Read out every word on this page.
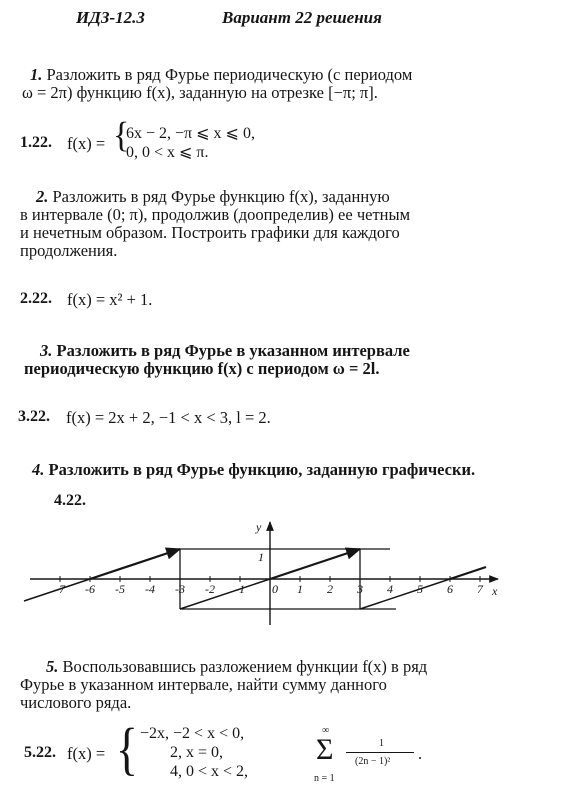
ИДЗ-12.3	Вариант 22 решения

1. Разложить в ряд Фурье периодическую (с периодом

ω = 2π) функцию f(x), заданную на отрезке [−π; π].

1.22. f(x) = {
6x − 2, −π ⩽ x ⩽ 0,
0, 0 < x ⩽ π.

2. Разложить в ряд Фурье функцию f(x), заданную

в интервале (0; π), продолжив (доопределив) ее четным

и нечетным образом. Построить графики для каждого

продолжения.

2.22. f(x) = x² + 1.

3. Разложить в ряд Фурье в указанном интервале

периодическую функцию f(x) с периодом ω = 2l.

3.22. f(x) = 2x + 2, −1 < x < 3, l = 2.
4. Разложить в ряд Фурье функцию, заданную графически.
4.22.
x
y
-7 -6 -5 -4 -3 -2 -1	1 2 3 4 5 6 7
0
1

5. Воспользовавшись разложением функции f(x) в ряд

Фурье в указанном интервале, найти сумму данного

числового ряда.

5.22. f(x) = { −2x, −2 < x < 0,
2, x = 0,
4, 0 < x < 2,
∞
Σ
n = 1
1
(2n − 1)² .
